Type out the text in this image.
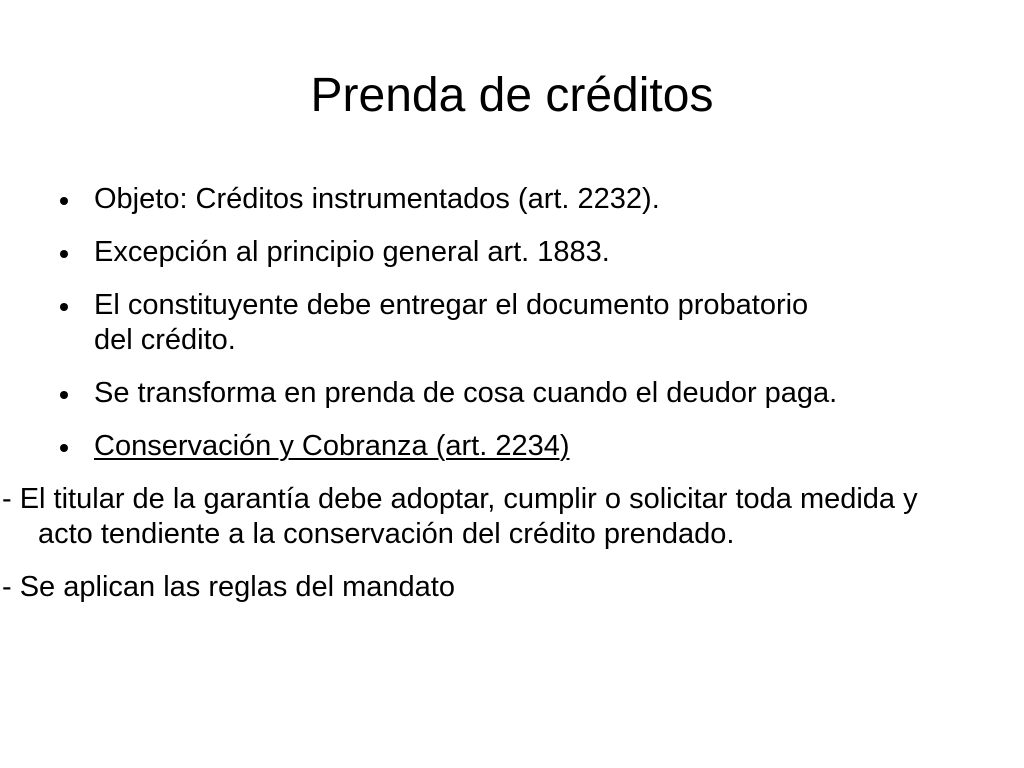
Prenda de créditos
Objeto: Créditos instrumentados (art. 2232).
Excepción al principio general art. 1883.
El constituyente debe entregar el documento probatorio del crédito.
Se transforma en prenda de cosa cuando el deudor paga.
Conservación y Cobranza (art. 2234)
- El titular de la garantía debe adoptar, cumplir o solicitar toda medida y acto tendiente a la conservación del crédito prendado.
- Se aplican las reglas del mandato
